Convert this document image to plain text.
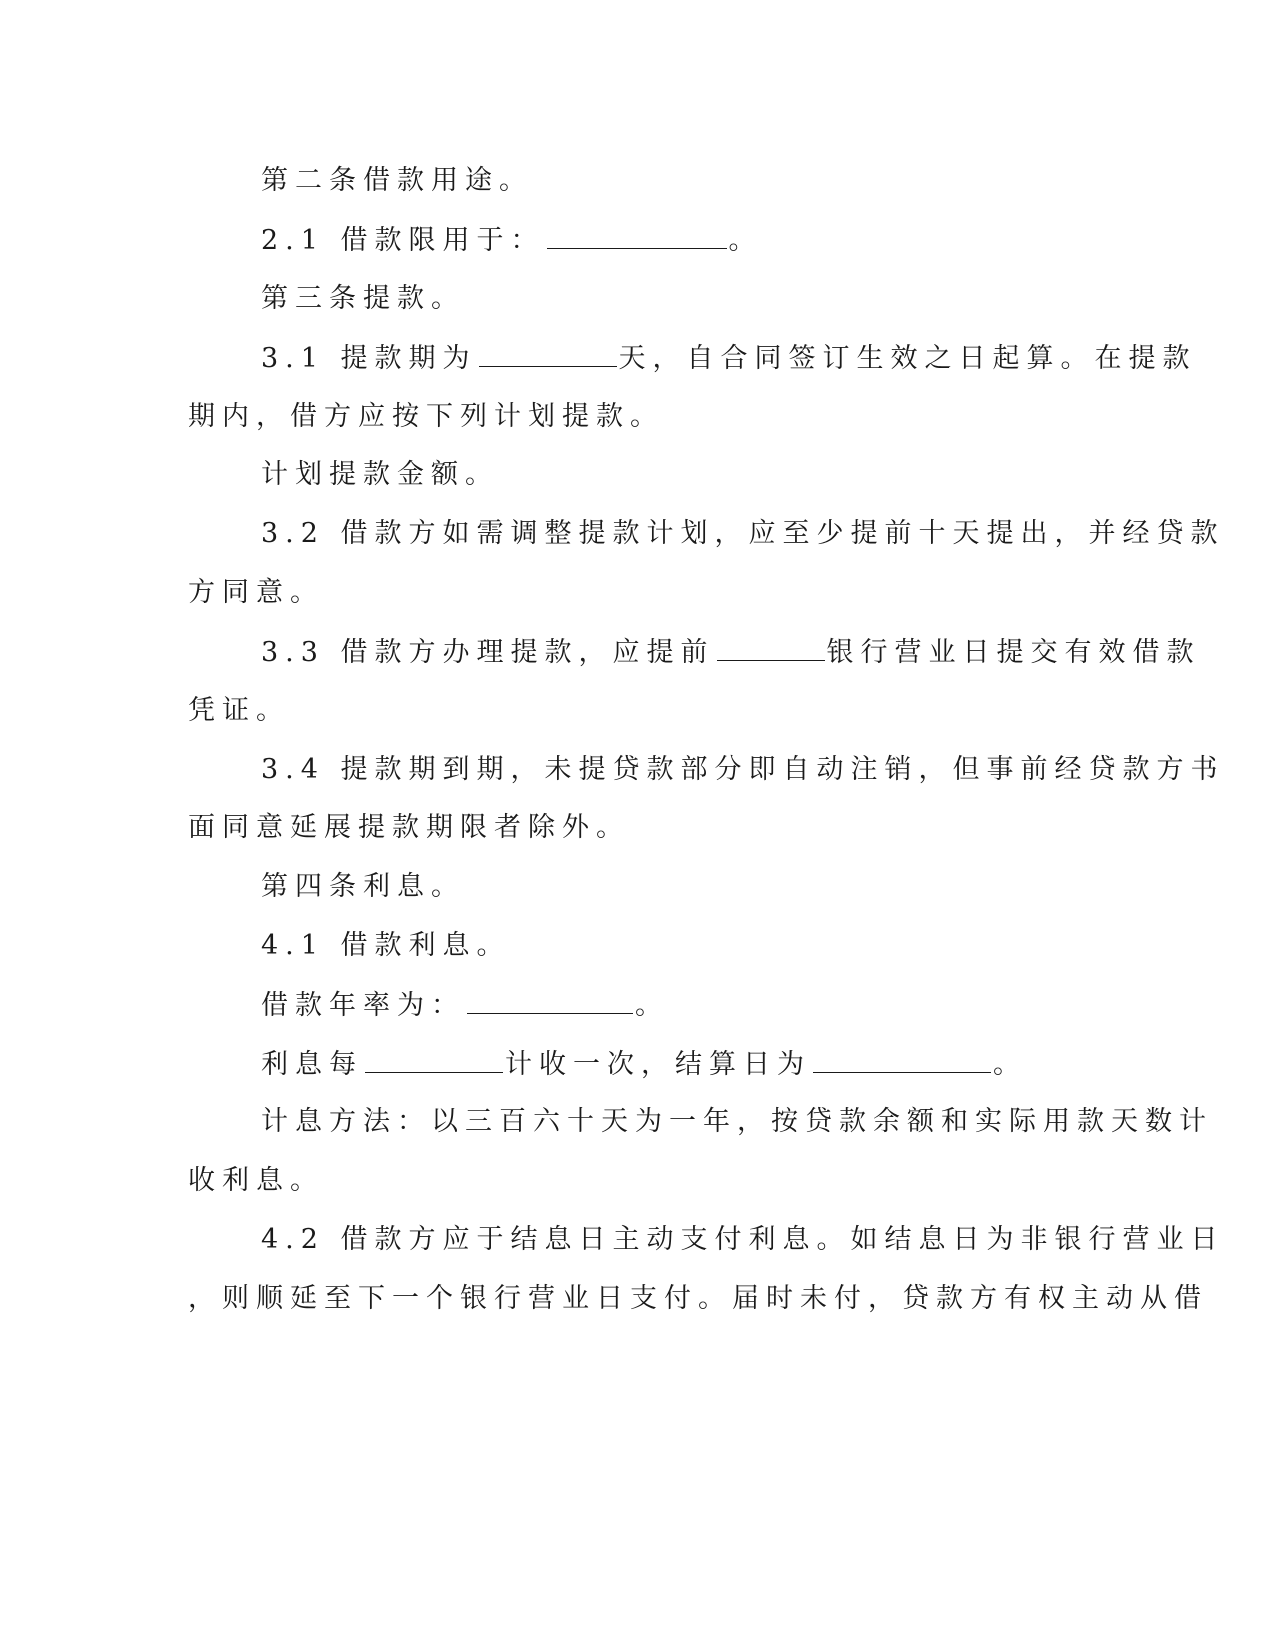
第二条借款用途。
2.1 借款限用于：	。
第三条提款。
3.1 提款期为	天，自合同签订生效之日起算。在提款
期内，借方应按下列计划提款。
计划提款金额。
3.2 借款方如需调整提款计划，应至少提前十天提出，并经贷款
方同意。
3.3 借款方办理提款，应提前	银行营业日提交有效借款
凭证。
3.4 提款期到期，未提贷款部分即自动注销，但事前经贷款方书
面同意延展提款期限者除外。
第四条利息。
4.1 借款利息。
借款年率为：	。
利息每	计收一次，结算日为	。
计息方法：以三百六十天为一年，按贷款余额和实际用款天数计
收利息。
4.2 借款方应于结息日主动支付利息。如结息日为非银行营业日
，则顺延至下一个银行营业日支付。届时未付，贷款方有权主动从借
